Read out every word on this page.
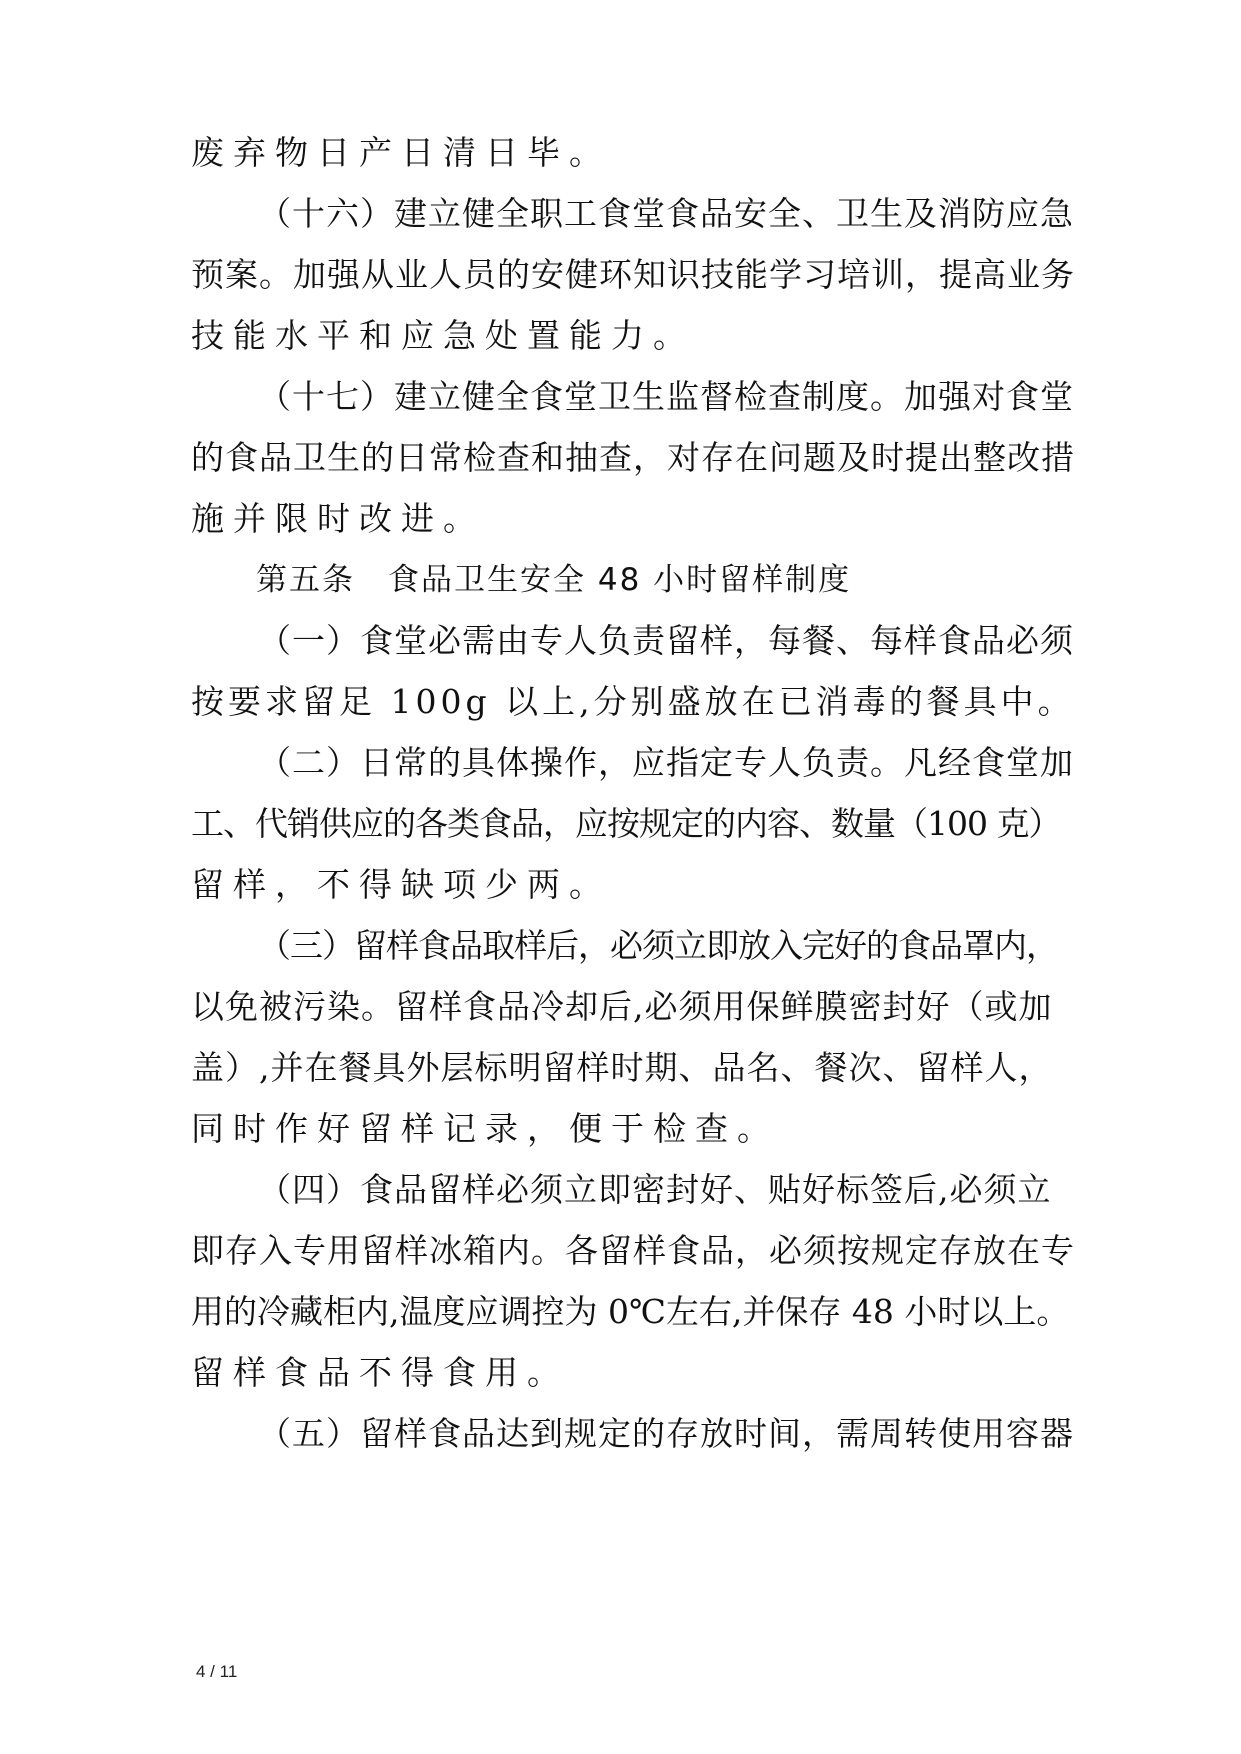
废弃物日产日清日毕。
（十六）建立健全职工食堂食品安全、卫生及消防应急
预案。加强从业人员的安健环知识技能学习培训，提高业务
技能水平和应急处置能力。
（十七）建立健全食堂卫生监督检查制度。加强对食堂
的食品卫生的日常检查和抽查，对存在问题及时提出整改措
施并限时改进。
第五条　食品卫生安全 48 小时留样制度
（一）食堂必需由专人负责留样，每餐、每样食品必须
按要求留足 100g 以上,分别盛放在已消毒的餐具中。
（二）日常的具体操作，应指定专人负责。凡经食堂加
工、代销供应的各类食品，应按规定的内容、数量（100 克）
留样，不得缺项少两。
（三）留样食品取样后，必须立即放入完好的食品罩内，
以免被污染。留样食品冷却后,必须用保鲜膜密封好（或加
盖）,并在餐具外层标明留样时期、品名、餐次、留样人，
同时作好留样记录，便于检查。
（四）食品留样必须立即密封好、贴好标签后,必须立
即存入专用留样冰箱内。各留样食品，必须按规定存放在专
用的冷藏柜内,温度应调控为 0℃左右,并保存 48 小时以上。
留样食品不得食用。
（五）留样食品达到规定的存放时间，需周转使用容器
4 / 11
